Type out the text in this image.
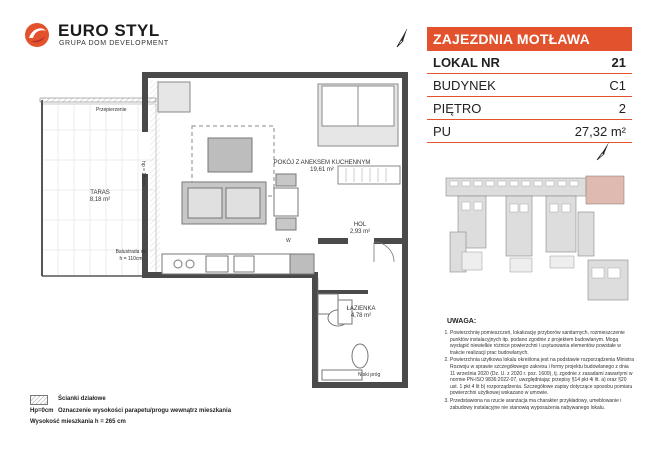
EURO STYL
GRUPA DOM DEVELOPMENT	ZAJEZDNIA MOTŁAWA
LOKAL NR	21
BUDYNEK	C1
PIĘTRO	2
PU	27,32 m²
UWAGA:
1. Powierzchnię pomieszczeń, lokalizację przyborów sanitarnych, rozmieszczenie punktów instalacyjnych itp. podano zgodnie z projektem budowlanym. Mogą wystąpić niewielkie różnice powierzchni i usytuowania elementów powstałe w trakcie realizacji prac budowlanych.
2. Powierzchnia użytkowa lokalu określona jest na podstawie rozporządzenia Ministra Rozwoju w sprawie szczegółowego zakresu i formy projektu budowlanego z dnia 11 września 2020 (Dz. U. z 2020 r. poz. 1609), tj. zgodnie z zasadami zawartymi w normie PN-ISO 9836:2022-07, uwzględniając przepisy §14 pkt 4i lit. a) oraz §20 ust. 1 pkt 4 lit b) rozporządzenia. Szczegółowe zapisy dotyczące sposobu pomiaru powierzchni użytkowej wskazano w umowie.
3. Przedstawiona na rzucie aranżacja ma charakter przykładowy, umeblowanie i zabudowy instalacyjne nie stanowią wyposażenia nabywanego lokalu.
POKÓJ Z ANEKSEM KUCHENNYM
19,61 m²
TARAS
8,18 m²
HOL
2,93 m²
ŁAZIENKA
4,78 m²
Przepierzenie
Balustrada do
h = 110cm
hp = 18 cm
W
Niski próg
Ścianki działowe
Hp=0cm Oznaczenie wysokości parapetu/progu wewnątrz mieszkania
Wysokość mieszkania h = 265 cm
